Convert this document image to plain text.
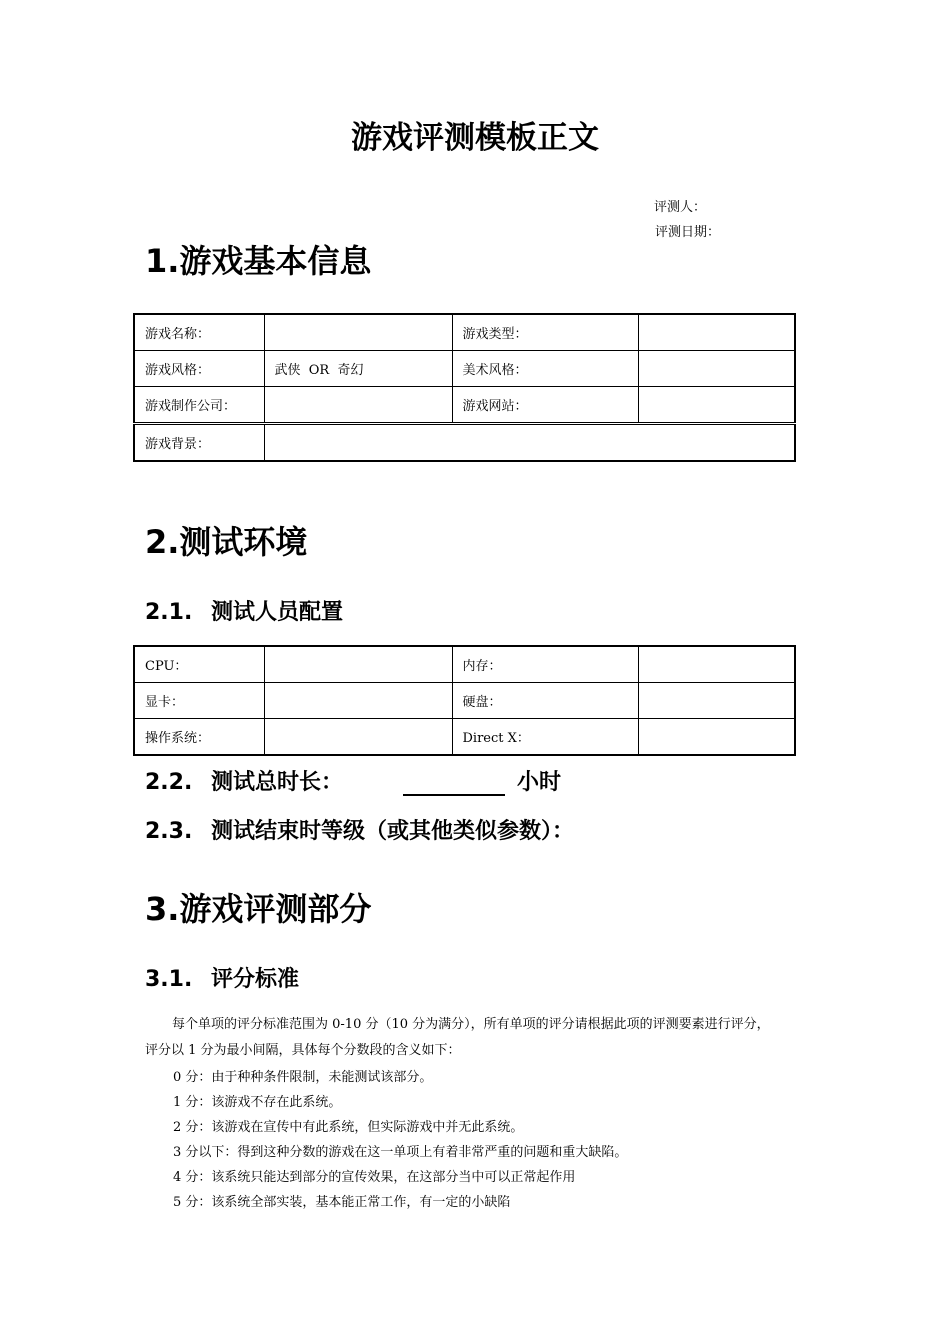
游戏评测模板正文
评测人：
评测日期：
1.游戏基本信息
游戏名称：		游戏类型：	
游戏风格：	武侠  OR  奇幻	美术风格：	
游戏制作公司：		游戏网站：	
游戏背景：			
2.测试环境
2.1. 测试人员配置
CPU：		内存：	
显卡：		硬盘：	
操作系统：		Direct X：	
2.2. 测试总时长：	小时
2.3. 测试结束时等级（或其他类似参数）：
3.游戏评测部分
3.1. 评分标准
每个单项的评分标准范围为 0-10 分（10 分为满分），所有单项的评分请根据此项的评测要素进行评分，
评分以 1 分为最小间隔，具体每个分数段的含义如下：
0 分：由于种种条件限制，未能测试该部分。
1 分：该游戏不存在此系统。
2 分：该游戏在宣传中有此系统，但实际游戏中并无此系统。
3 分以下：得到这种分数的游戏在这一单项上有着非常严重的问题和重大缺陷。
4 分：该系统只能达到部分的宣传效果，在这部分当中可以正常起作用
5 分：该系统全部实装，基本能正常工作，有一定的小缺陷
